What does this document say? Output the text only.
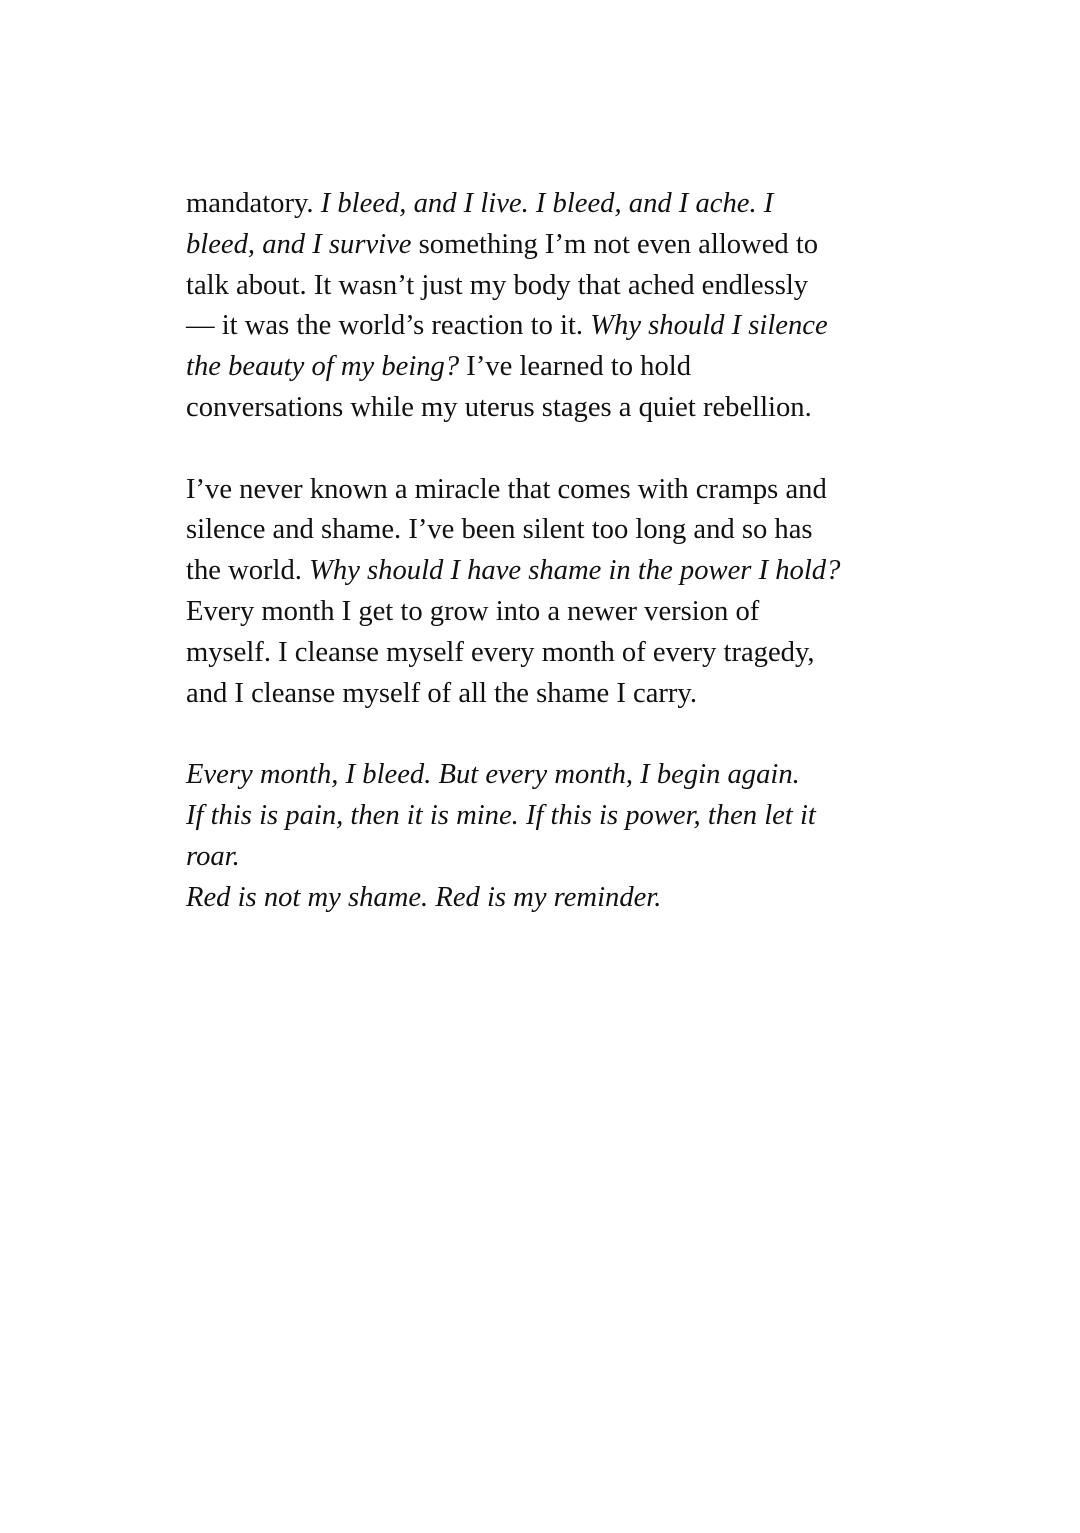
mandatory. I bleed, and I live. I bleed, and I ache. I
bleed, and I survive something I’m not even allowed to
talk about. It wasn’t just my body that ached endlessly
— it was the world’s reaction to it. Why should I silence
the beauty of my being? I’ve learned to hold
conversations while my uterus stages a quiet rebellion.

I’ve never known a miracle that comes with cramps and
silence and shame. I’ve been silent too long and so has
the world. Why should I have shame in the power I hold?
Every month I get to grow into a newer version of
myself. I cleanse myself every month of every tragedy,
and I cleanse myself of all the shame I carry.

Every month, I bleed. But every month, I begin again.
If this is pain, then it is mine. If this is power, then let it
roar.
Red is not my shame. Red is my reminder.
